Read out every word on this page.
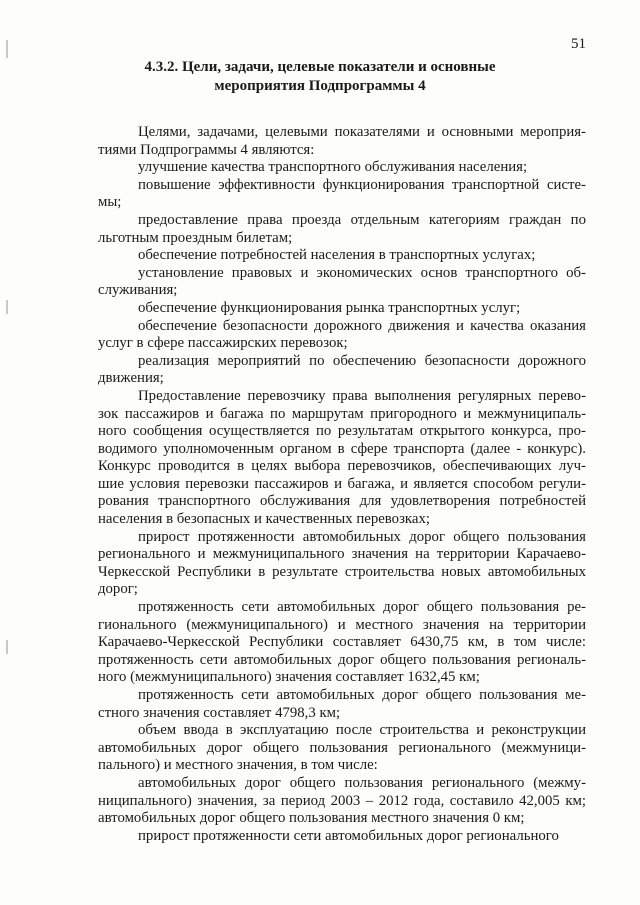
51
4.3.2. Цели, задачи, целевые показатели и основные
мероприятия Подпрограммы 4
Целями, задачами, целевыми показателями и основными мероприя-
тиями Подпрограммы 4 являются:
улучшение качества транспортного обслуживания населения;
повышение эффективности функционирования транспортной систе-
мы;
предоставление права проезда отдельным категориям граждан по
льготным проездным билетам;
обеспечение потребностей населения в транспортных услугах;
установление правовых и экономических основ транспортного об-
служивания;
обеспечение функционирования рынка транспортных услуг;
обеспечение безопасности дорожного движения и качества оказания
услуг в сфере пассажирских перевозок;
реализация мероприятий по обеспечению безопасности дорожного
движения;
Предоставление перевозчику права выполнения регулярных перево-
зок пассажиров и багажа по маршрутам пригородного и межмуниципаль-
ного сообщения осуществляется по результатам открытого конкурса, про-
водимого уполномоченным органом в сфере транспорта (далее - конкурс).
Конкурс проводится в целях выбора перевозчиков, обеспечивающих луч-
шие условия перевозки пассажиров и багажа, и является способом регули-
рования транспортного обслуживания для удовлетворения потребностей
населения в безопасных и качественных перевозках;
прирост протяженности автомобильных дорог общего пользования
регионального и межмуниципального значения на территории Карачаево-
Черкесской Республики в результате строительства новых автомобильных
дорог;
протяженность сети автомобильных дорог общего пользования ре-
гионального (межмуниципального) и местного значения на территории
Карачаево-Черкесской Республики составляет 6430,75 км, в том числе:
протяженность сети автомобильных дорог общего пользования региональ-
ного (межмуниципального) значения составляет 1632,45 км;
протяженность сети автомобильных дорог общего пользования ме-
стного значения составляет 4798,3 км;
объем ввода в эксплуатацию после строительства и реконструкции
автомобильных дорог общего пользования регионального (межмуници-
пального) и местного значения, в том числе:
автомобильных дорог общего пользования регионального (межму-
ниципального) значения, за период 2003 – 2012 года, составило 42,005 км;
автомобильных дорог общего пользования местного значения 0 км;
прирост протяженности сети автомобильных дорог регионального
